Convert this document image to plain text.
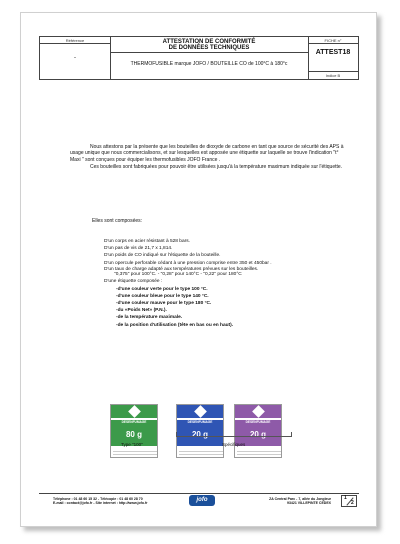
Référence
-
ATTESTATION DE CONFORMITÉ
DE DONNÉES TECHNIQUES
THERMOFUSIBLE marque JOFO / BOUTEILLE CO de 100°C à 180°c
FICHE n°
ATTEST18
Indice B

Nous attestons par la présente que les bouteilles de dioxyde de carbone en tant que source de sécurité des APS à usage unique que nous commercialisons, et sur lesquelles est apposée une étiquette sur laquelle se trouve l'indication "t° Maxi " sont conçues pour équiper les thermofusibles JOFO France .

Ces bouteilles sont fabriquées pour pouvoir être utilisées jusqu'à la température maximum indiquée sur l'étiquette.

Elles sont composées:
D'un corps en acier résistant à 528 bars.
D'un pas de vis de 21,7 x 1,814.
D'un poids de CO indiqué sur l'étiquette de la bouteille.
D'un opercule perforable cédant à une pression comprise entre 350 et 450bar .
D'un taux de charge adapté aux températures prévues sur les bouteilles.
"0,375" pour 100°C. - "0,28" pour 140°C - "0,22" pour 180°C
D'une étiquette composée :
-d'une couleur verte pour le type 100 °C.
-d'une couleur bleue pour le type 140 °C.
-d'une couleur mauve pour le type 180 °C.
-du «Poids Net» (P.N.).
-de la température maximale.
-de la position d'utilisation (tête en bas ou en haut).
DESENFUMAGE
80 g
DESENFUMAGE
20 g
DESENFUMAGE
20 g
Type "100"	Spécifiques
Téléphone : 01 48 60 15 32 - Télécopie : 01 48 60 28 70
E-mail : contact@jofo.fr - Site internet : http://www.jofo.fr	jofo	ZA Central Parc - 7, allée du Jongleur
93421 VILLEPINTE CEDEX
1
2
